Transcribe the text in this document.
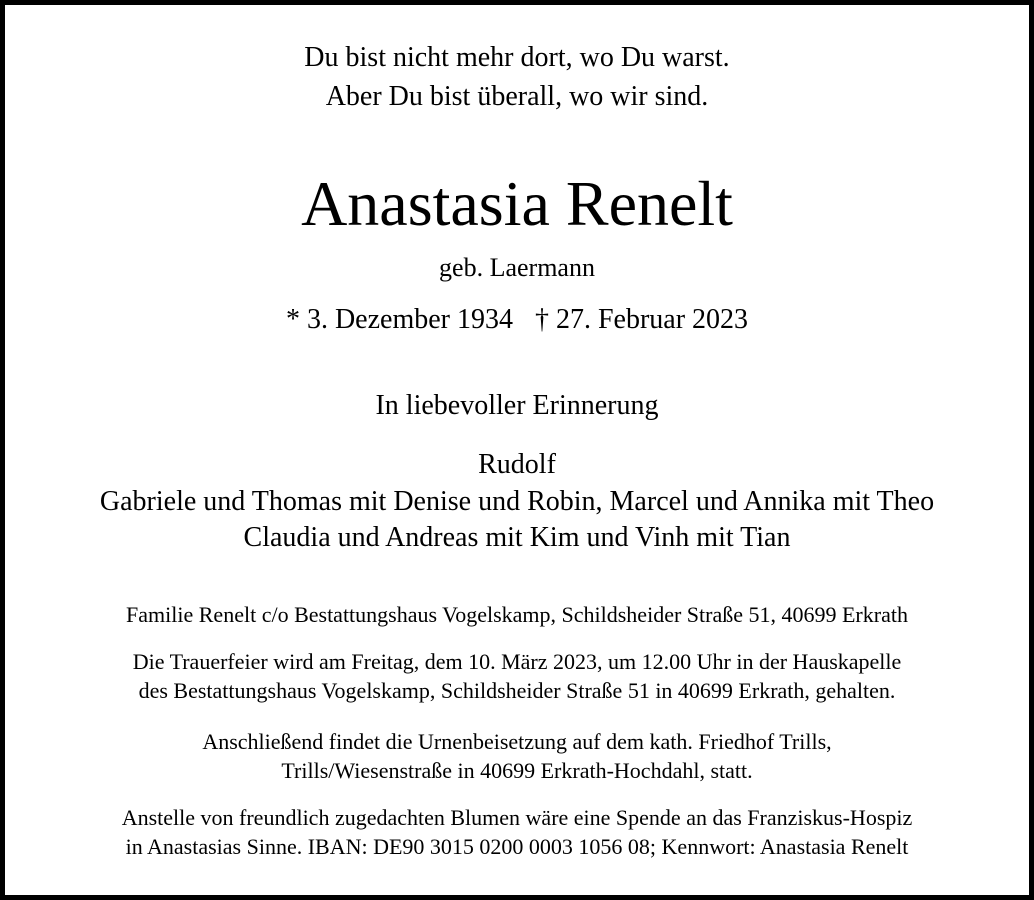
Du bist nicht mehr dort, wo Du warst.
Aber Du bist überall, wo wir sind.
Anastasia Renelt
geb. Laermann
* 3. Dezember 1934 † 27. Februar 2023
In liebevoller Erinnerung
Rudolf
Gabriele und Thomas mit Denise und Robin, Marcel und Annika mit Theo
Claudia und Andreas mit Kim und Vinh mit Tian
Familie Renelt c/o Bestattungshaus Vogelskamp, Schildsheider Straße 51, 40699 Erkrath
Die Trauerfeier wird am Freitag, dem 10. März 2023, um 12.00 Uhr in der Hauskapelle
des Bestattungshaus Vogelskamp, Schildsheider Straße 51 in 40699 Erkrath, gehalten.
Anschließend findet die Urnenbeisetzung auf dem kath. Friedhof Trills,
Trills/Wiesenstraße in 40699 Erkrath-Hochdahl, statt.
Anstelle von freundlich zugedachten Blumen wäre eine Spende an das Franziskus-Hospiz
in Anastasias Sinne. IBAN: DE90 3015 0200 0003 1056 08; Kennwort: Anastasia Renelt
